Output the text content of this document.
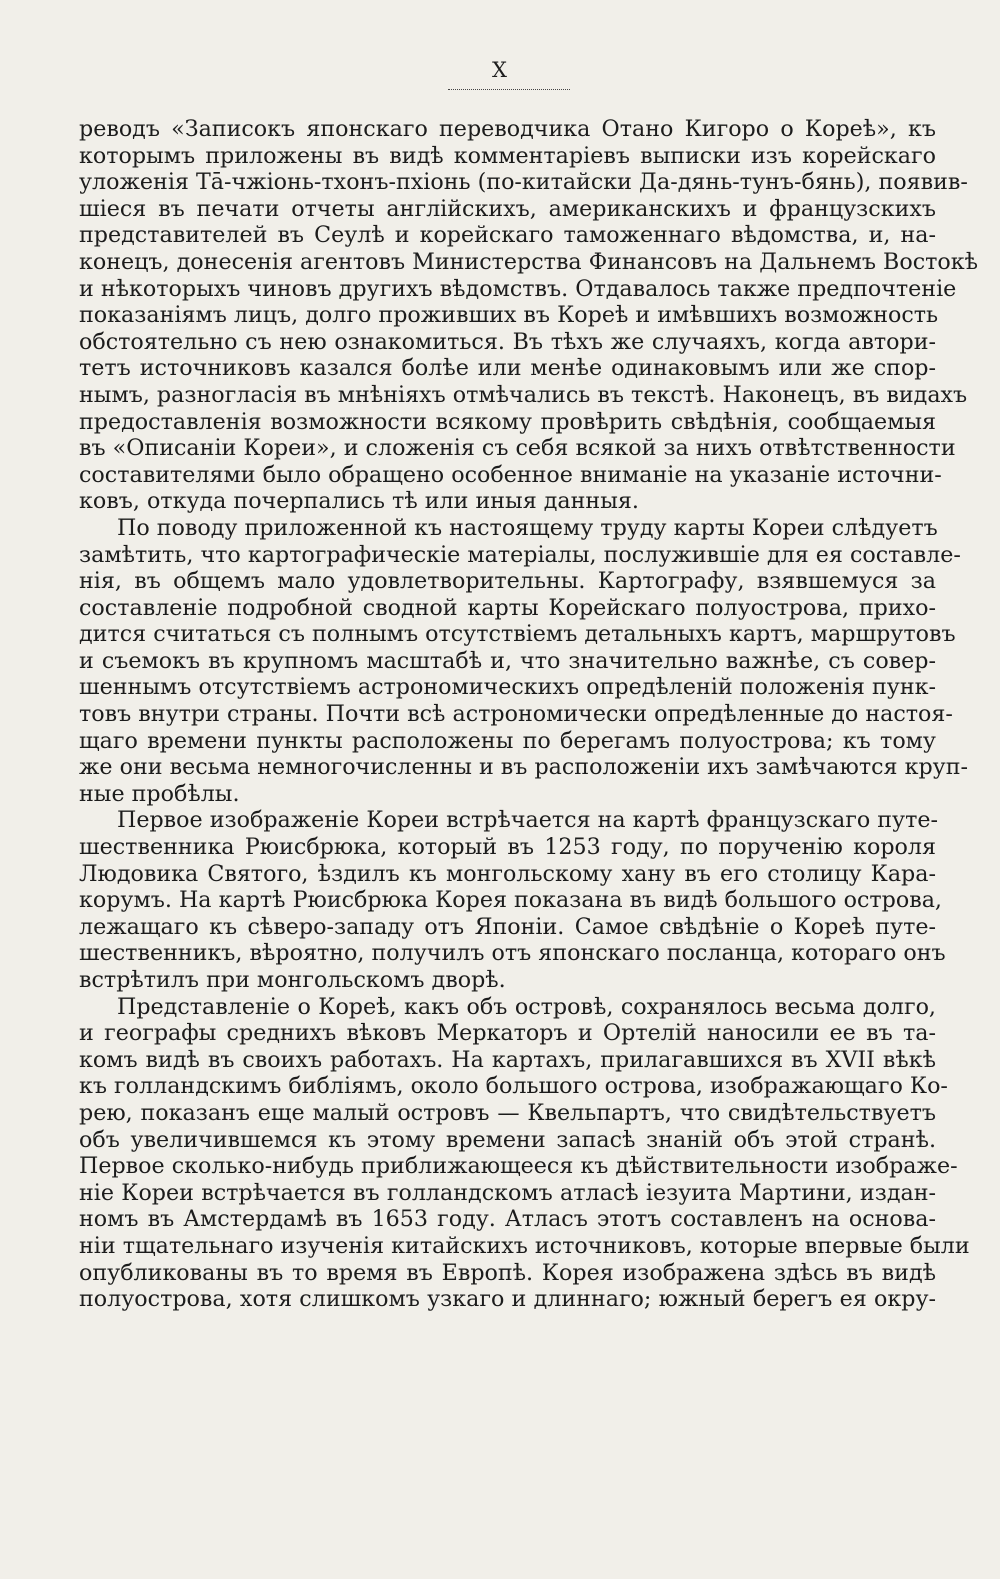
X
реводъ «Записокъ японскаго переводчика Отано Кигоро о Кореѣ», къ
которымъ приложены въ видѣ комментаріевъ выписки изъ корейскаго
уложенія Тā-чжіонь-тхонъ-пхіонь (по-китайски Да-дянь-тунъ-бянь), появив-
шіеся въ печати отчеты англійскихъ, американскихъ и французскихъ
представителей въ Сеулѣ и корейскаго таможеннаго вѣдомства, и, на-
конецъ, донесенія агентовъ Министерства Финансовъ на Дальнемъ Востокѣ
и нѣкоторыхъ чиновъ другихъ вѣдомствъ. Отдавалось также предпочтеніе
показаніямъ лицъ, долго проживших въ Кореѣ и имѣвшихъ возможность
обстоятельно съ нею ознакомиться. Въ тѣхъ же случаяхъ, когда автори-
тетъ источниковъ казался болѣе или менѣе одинаковымъ или же спор-
нымъ, разногласія въ мнѣніяхъ отмѣчались въ текстѣ. Наконецъ, въ видахъ
предоставленія возможности всякому провѣрить свѣдѣнія, сообщаемыя
въ «Описаніи Кореи», и сложенія съ себя всякой за нихъ отвѣтственности
составителями было обращено особенное вниманіе на указаніе источни-
ковъ, откуда почерпались тѣ или иныя данныя.
По поводу приложенной къ настоящему труду карты Кореи слѣдуетъ
замѣтить, что картографическіе матеріалы, послужившіе для ея составле-
нія, въ общемъ мало удовлетворительны. Картографу, взявшемуся за
составленіе подробной сводной карты Корейскаго полуострова, прихо-
дится считаться съ полнымъ отсутствіемъ детальныхъ картъ, маршрутовъ
и съемокъ въ крупномъ масштабѣ и, что значительно важнѣе, съ совер-
шеннымъ отсутствіемъ астрономическихъ опредѣленій положенія пунк-
товъ внутри страны. Почти всѣ астрономически опредѣленные до настоя-
щаго времени пункты расположены по берегамъ полуострова; къ тому
же они весьма немногочисленны и въ расположеніи ихъ замѣчаются круп-
ные пробѣлы.
Первое изображеніе Кореи встрѣчается на картѣ французскаго путе-
шественника Рюисбрюка, который въ 1253 году, по порученію короля
Людовика Святого, ѣздилъ къ монгольскому хану въ его столицу Кара-
корумъ. На картѣ Рюисбрюка Корея показана въ видѣ большого острова,
лежащаго къ сѣверо-западу отъ Японіи. Самое свѣдѣніе о Кореѣ путе-
шественникъ, вѣроятно, получилъ отъ японскаго посланца, котораго онъ
встрѣтилъ при монгольскомъ дворѣ.
Представленіе о Кореѣ, какъ объ островѣ, сохранялось весьма долго,
и географы среднихъ вѣковъ Меркаторъ и Ортелій наносили ее въ та-
комъ видѣ въ своихъ работахъ. На картахъ, прилагавшихся въ XVII вѣкѣ
къ голландскимъ библіямъ, около большого острова, изображающаго Ко-
рею, показанъ еще малый островъ — Квельпартъ, что свидѣтельствуетъ
объ увеличившемся къ этому времени запасѣ знаній объ этой странѣ.
Первое сколько-нибудь приближающееся къ дѣйствительности изображе-
ніе Кореи встрѣчается въ голландскомъ атласѣ іезуита Мартини, издан-
номъ въ Амстердамѣ въ 1653 году. Атласъ этотъ составленъ на основа-
ніи тщательнаго изученія китайскихъ источниковъ, которые впервые были
опубликованы въ то время въ Европѣ. Корея изображена здѣсь въ видѣ
полуострова, хотя слишкомъ узкаго и длиннаго; южный берегъ ея окру-
